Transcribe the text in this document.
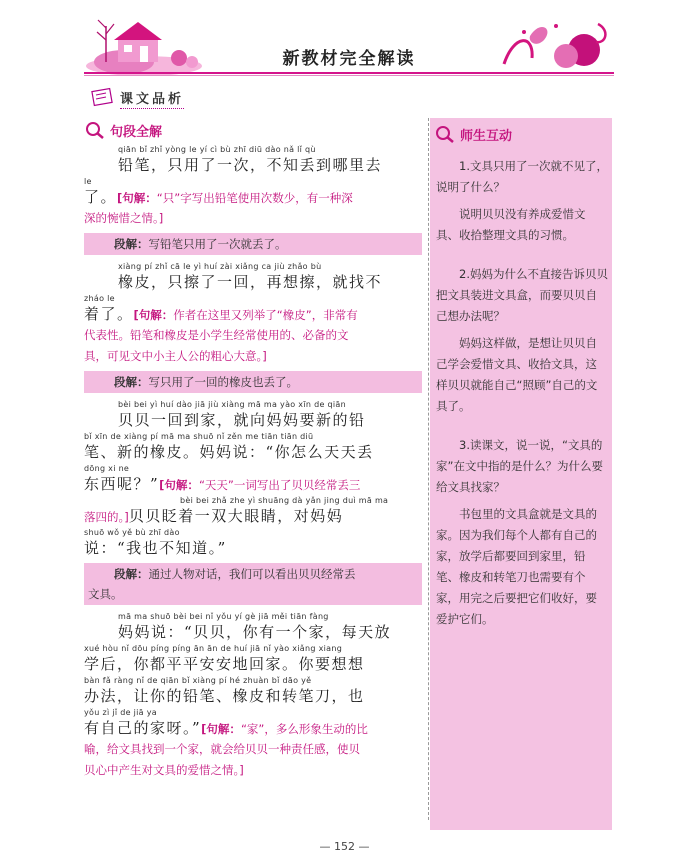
新教材完全解读
课文品析
句段全解
qiān bǐ zhǐ yòng le yí cì bù zhī diū dào nǎ lǐ qù
铅笔，只用了一次，不知丢到哪里去
le
了。[句解：“只”字写出铅笔使用次数少，有一种深
深的惋惜之情。]
段解：写铅笔只用了一次就丢了。
xiàng pí zhǐ cā le yì huí zài xiǎng ca jiù zhǎo bù
橡皮，只擦了一回，再想擦，就找不
zháo le
着了。[句解：作者在这里又列举了“橡皮”，非常有
代表性。铅笔和橡皮是小学生经常使用的、必备的文
具，可见文中小主人公的粗心大意。]
段解：写只用了一回的橡皮也丢了。
bèi bei yì huí dào jiā jiù xiàng mā ma yào xīn de qiān
贝贝一回到家，就向妈妈要新的铅
bǐ xīn de xiàng pí mā ma shuō nǐ zěn me tiān tiān diū
笔、新的橡皮。妈妈说：“你怎么天天丢
dōng xi ne
东西呢？”[句解：“天天”一词写出了贝贝经常丢三
bèi bei zhǎ zhe yì shuāng dà yǎn jing duì mā ma
落四的。]贝贝眨着一双大眼睛，对妈妈
shuō wǒ yě bù zhī dào
说：“我也不知道。”
段解：通过人物对话，我们可以看出贝贝经常丢
文具。
mā ma shuō bèi bei nǐ yǒu yí gè jiā měi tiān fàng
妈妈说：“贝贝，你有一个家，每天放
xué hòu nǐ dōu píng píng ān ān de huí jiā nǐ yào xiǎng xiang
学后，你都平平安安地回家。你要想想
bàn fǎ ràng nǐ de qiān bǐ xiàng pí hé zhuàn bǐ dāo yě
办法，让你的铅笔、橡皮和转笔刀，也
yǒu zì jǐ de jiā ya
有自己的家呀。”[句解：“家”，多么形象生动的比
喻，给文具找到一个家，就会给贝贝一种责任感，使贝
贝心中产生对文具的爱惜之情。]
师生互动
1.文具只用了一次就不见了，说明了什么？
说明贝贝没有养成爱惜文具、收拾整理文具的习惯。
2.妈妈为什么不直接告诉贝贝把文具装进文具盒，而要贝贝自己想办法呢？
妈妈这样做，是想让贝贝自己学会爱惜文具、收拾文具，这样贝贝就能自己“照顾”自己的文具了。
3.读课文，说一说，“文具的家”在文中指的是什么？为什么要给文具找家？
书包里的文具盒就是文具的家。因为我们每个人都有自己的家，放学后都要回到家里，铅笔、橡皮和转笔刀也需要有个家，用完之后要把它们收好，要爱护它们。
— 152 —
